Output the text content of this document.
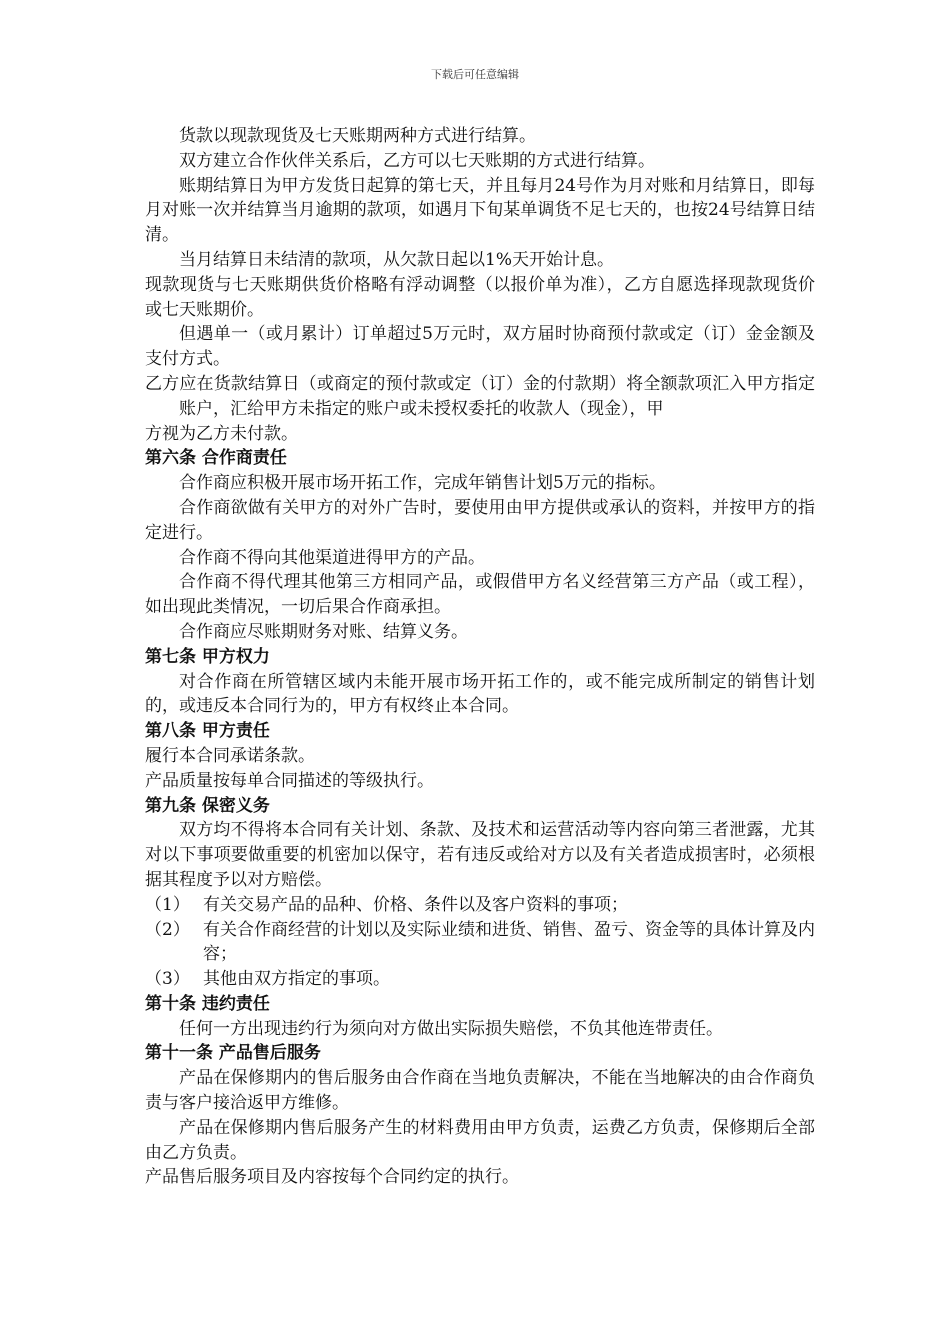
下载后可任意编辑

货款以现款现货及七天账期两种方式进行结算。

双方建立合作伙伴关系后，乙方可以七天账期的方式进行结算。

账期结算日为甲方发货日起算的第七天，并且每月24号作为月对账和月结算日，即每月对账一次并结算当月逾期的款项，如遇月下旬某单调货不足七天的，也按24号结算日结清。

当月结算日未结清的款项，从欠款日起以1%天开始计息。

现款现货与七天账期供货价格略有浮动调整（以报价单为准），乙方自愿选择现款现货价或七天账期价。

但遇单一（或月累计）订单超过5万元时，双方届时协商预付款或定（订）金金额及支付方式。

乙方应在货款结算日（或商定的预付款或定（订）金的付款期）将全额款项汇入甲方指定账户，汇给甲方未指定的账户或未授权委托的收款人（现金），甲

方视为乙方未付款。

第六条 合作商责任

合作商应积极开展市场开拓工作，完成年销售计划5万元的指标。

合作商欲做有关甲方的对外广告时，要使用由甲方提供或承认的资料，并按甲方的指定进行。

合作商不得向其他渠道进得甲方的产品。

合作商不得代理其他第三方相同产品，或假借甲方名义经营第三方产品（或工程），如出现此类情况，一切后果合作商承担。

合作商应尽账期财务对账、结算义务。

第七条 甲方权力

对合作商在所管辖区域内未能开展市场开拓工作的，或不能完成所制定的销售计划的，或违反本合同行为的，甲方有权终止本合同。

第八条 甲方责任

履行本合同承诺条款。

产品质量按每单合同描述的等级执行。

第九条 保密义务

双方均不得将本合同有关计划、条款、及技术和运营活动等内容向第三者泄露，尤其对以下事项要做重要的机密加以保守，若有违反或给对方以及有关者造成损害时，必须根据其程度予以对方赔偿。

（1） 有关交易产品的品种、价格、条件以及客户资料的事项；

（2） 有关合作商经营的计划以及实际业绩和进货、销售、盈亏、资金等的具体计算及内容；

（3） 其他由双方指定的事项。

第十条 违约责任

任何一方出现违约行为须向对方做出实际损失赔偿，不负其他连带责任。

第十一条 产品售后服务

产品在保修期内的售后服务由合作商在当地负责解决，不能在当地解决的由合作商负责与客户接洽返甲方维修。

产品在保修期内售后服务产生的材料费用由甲方负责，运费乙方负责，保修期后全部由乙方负责。

产品售后服务项目及内容按每个合同约定的执行。
